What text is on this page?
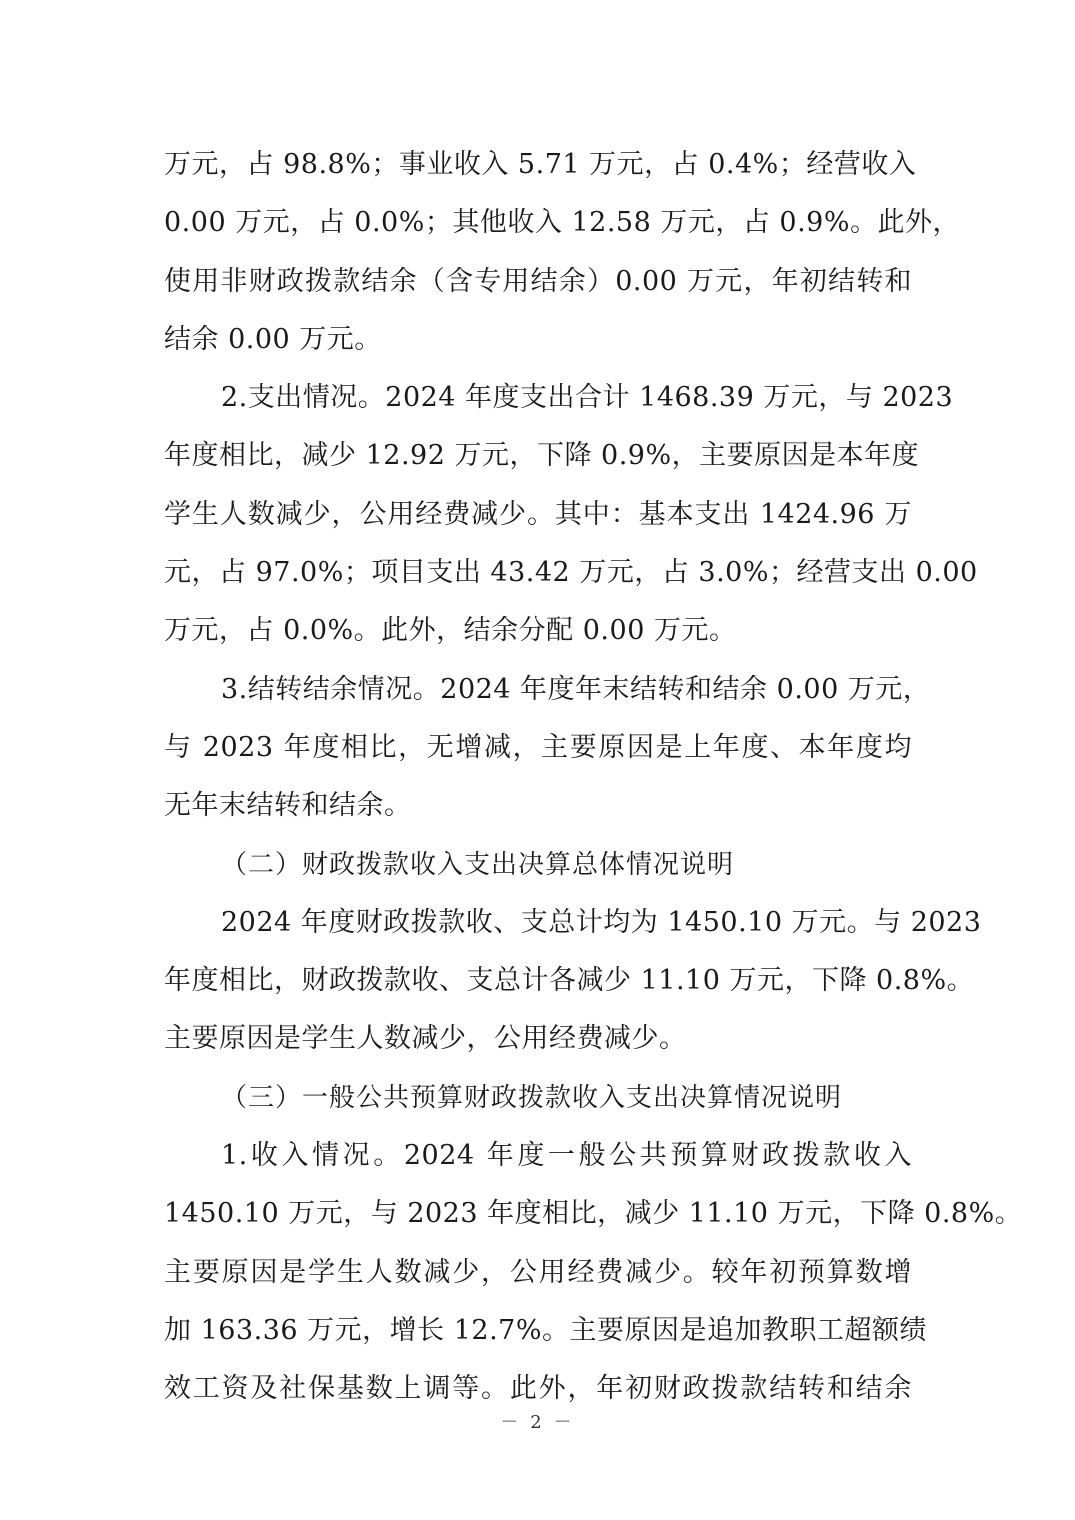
万元，占 98.8%；事业收入 5.71 万元，占 0.4%；经营收入
0.00 万元，占 0.0%；其他收入 12.58 万元，占 0.9%。此外，
使用非财政拨款结余（含专用结余）0.00 万元，年初结转和
结余 0.00 万元。
2.支出情况。2024 年度支出合计 1468.39 万元，与 2023
年度相比，减少 12.92 万元，下降 0.9%，主要原因是本年度
学生人数减少，公用经费减少。其中：基本支出 1424.96 万
元，占 97.0%；项目支出 43.42 万元，占 3.0%；经营支出 0.00
万元，占 0.0%。此外，结余分配 0.00 万元。
3.结转结余情况。2024 年度年末结转和结余 0.00 万元，
与 2023 年度相比，无增减，主要原因是上年度、本年度均
无年末结转和结余。
（二）财政拨款收入支出决算总体情况说明
2024 年度财政拨款收、支总计均为 1450.10 万元。与 2023
年度相比，财政拨款收、支总计各减少 11.10 万元，下降 0.8%。
主要原因是学生人数减少，公用经费减少。
（三）一般公共预算财政拨款收入支出决算情况说明
1.收入情况。2024 年度一般公共预算财政拨款收入
1450.10 万元，与 2023 年度相比，减少 11.10 万元，下降 0.8%。
主要原因是学生人数减少，公用经费减少。较年初预算数增
加 163.36 万元，增长 12.7%。主要原因是追加教职工超额绩
效工资及社保基数上调等。此外，年初财政拨款结转和结余
－ 2 －
